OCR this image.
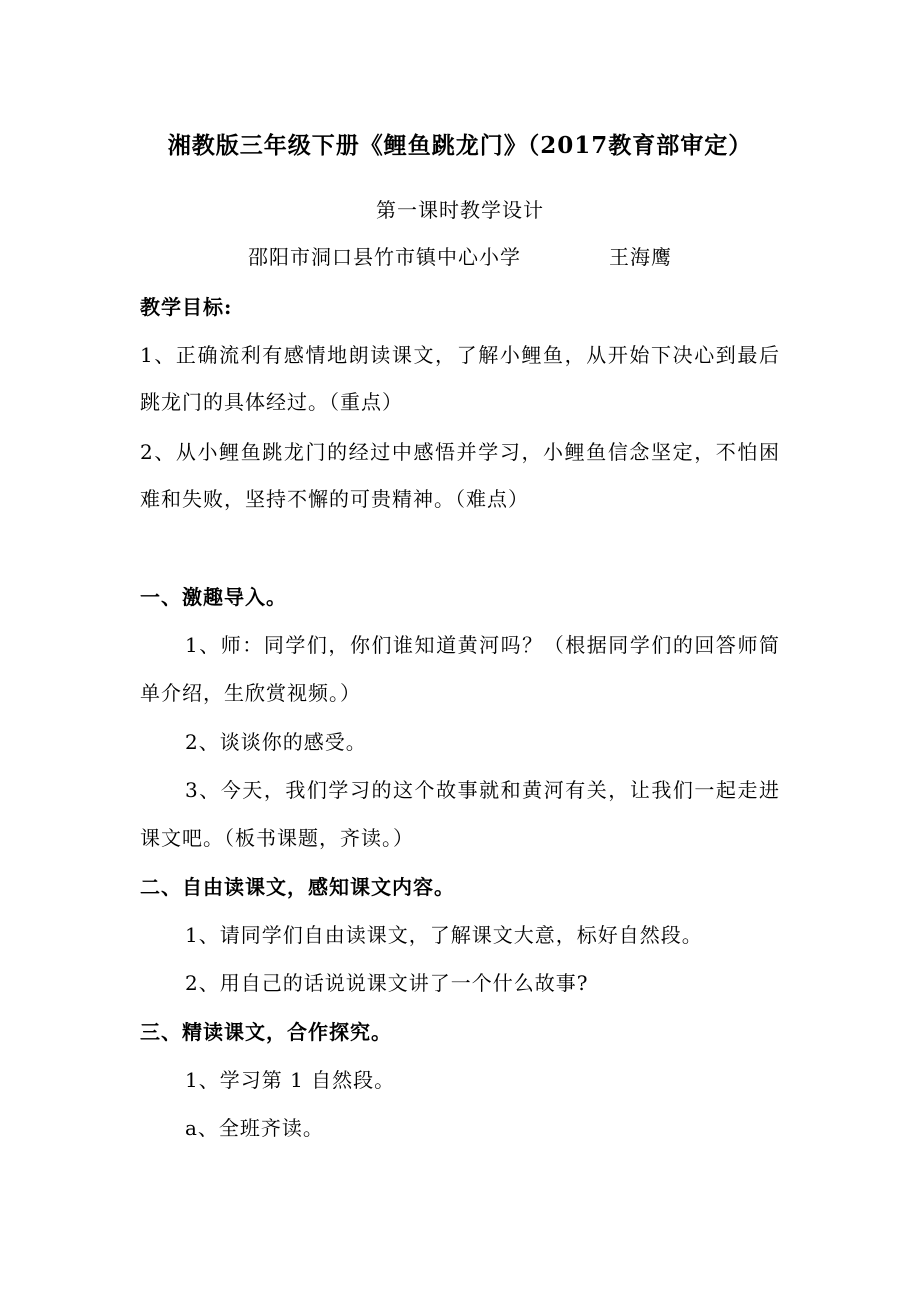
湘教版三年级下册《鲤鱼跳龙门》（2017教育部审定）
第一课时教学设计
邵阳市洞口县竹市镇中心小学	王海鹰
教学目标:
1、正确流利有感情地朗读课文，了解小鲤鱼，从开始下决心到最后
跳龙门的具体经过。（重点）
2、从小鲤鱼跳龙门的经过中感悟并学习，小鲤鱼信念坚定，不怕困
难和失败，坚持不懈的可贵精神。（难点）
一、激趣导入。
1、师：同学们，你们谁知道黄河吗？（根据同学们的回答师简
单介绍，生欣赏视频。）
2、谈谈你的感受。
3、今天，我们学习的这个故事就和黄河有关，让我们一起走进
课文吧。（板书课题，齐读。）
二、自由读课文，感知课文内容。
1、请同学们自由读课文，了解课文大意，标好自然段。
2、用自己的话说说课文讲了一个什么故事?
三、精读课文，合作探究。
1、学习第 1 自然段。
a、全班齐读。
